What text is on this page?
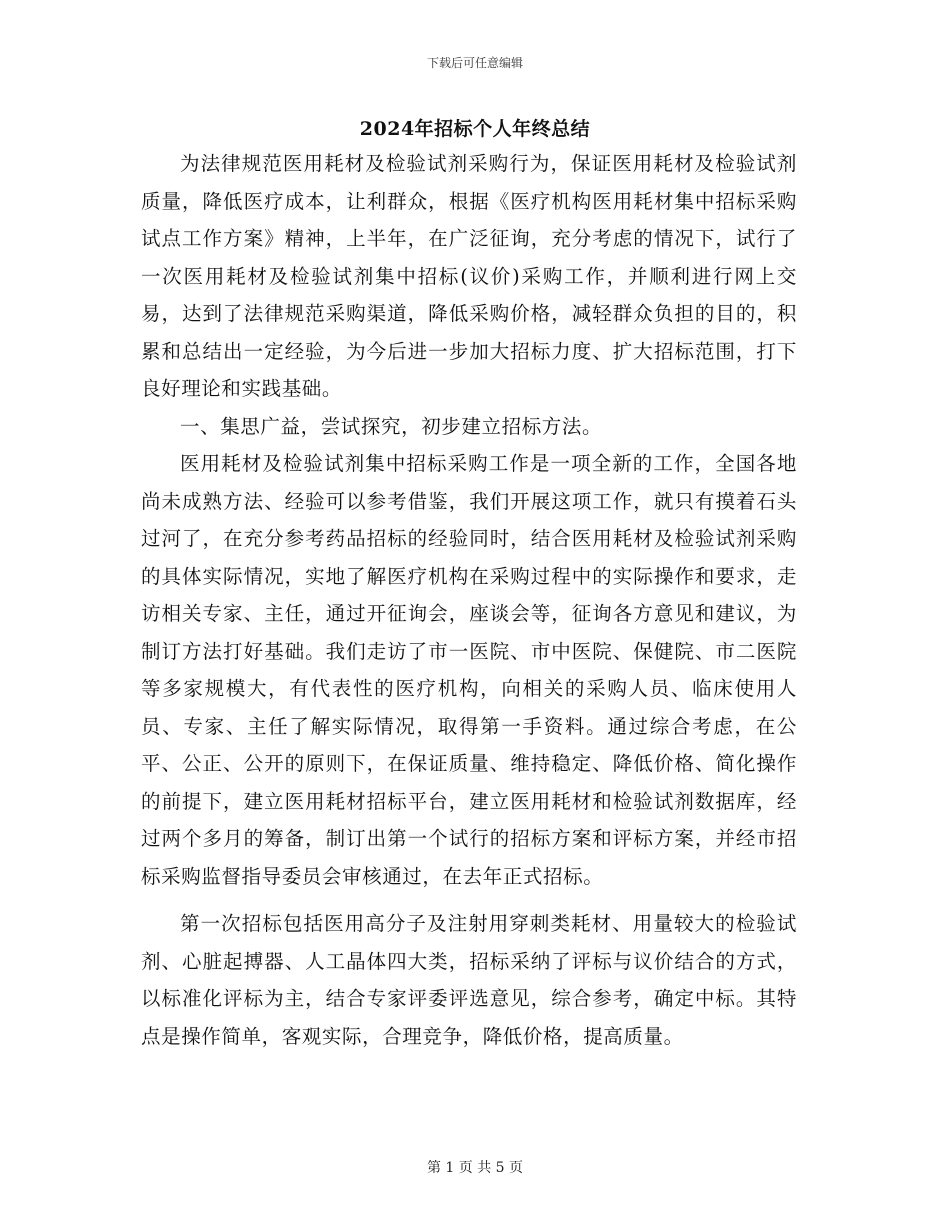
下载后可任意编辑
2024年招标个人年终总结

为法律规范医用耗材及检验试剂采购行为，保证医用耗材及检验试剂质量，降低医疗成本，让利群众，根据《医疗机构医用耗材集中招标采购试点工作方案》精神，上半年，在广泛征询，充分考虑的情况下，试行了一次医用耗材及检验试剂集中招标(议价)采购工作，并顺利进行网上交易，达到了法律规范采购渠道，降低采购价格，减轻群众负担的目的，积累和总结出一定经验，为今后进一步加大招标力度、扩大招标范围，打下良好理论和实践基础。

一、集思广益，尝试探究，初步建立招标方法。

医用耗材及检验试剂集中招标采购工作是一项全新的工作，全国各地尚未成熟方法、经验可以参考借鉴，我们开展这项工作，就只有摸着石头过河了，在充分参考药品招标的经验同时，结合医用耗材及检验试剂采购的具体实际情况，实地了解医疗机构在采购过程中的实际操作和要求，走访相关专家、主任，通过开征询会，座谈会等，征询各方意见和建议，为制订方法打好基础。我们走访了市一医院、市中医院、保健院、市二医院等多家规模大，有代表性的医疗机构，向相关的采购人员、临床使用人员、专家、主任了解实际情况，取得第一手资料。通过综合考虑，在公平、公正、公开的原则下，在保证质量、维持稳定、降低价格、简化操作的前提下，建立医用耗材招标平台，建立医用耗材和检验试剂数据库，经过两个多月的筹备，制订出第一个试行的招标方案和评标方案，并经市招标采购监督指导委员会审核通过，在去年正式招标。

第一次招标包括医用高分子及注射用穿刺类耗材、用量较大的检验试剂、心脏起搏器、人工晶体四大类，招标采纳了评标与议价结合的方式，以标准化评标为主，结合专家评委评选意见，综合参考，确定中标。其特点是操作简单，客观实际，合理竞争，降低价格，提高质量。

第 1 页 共 5 页
